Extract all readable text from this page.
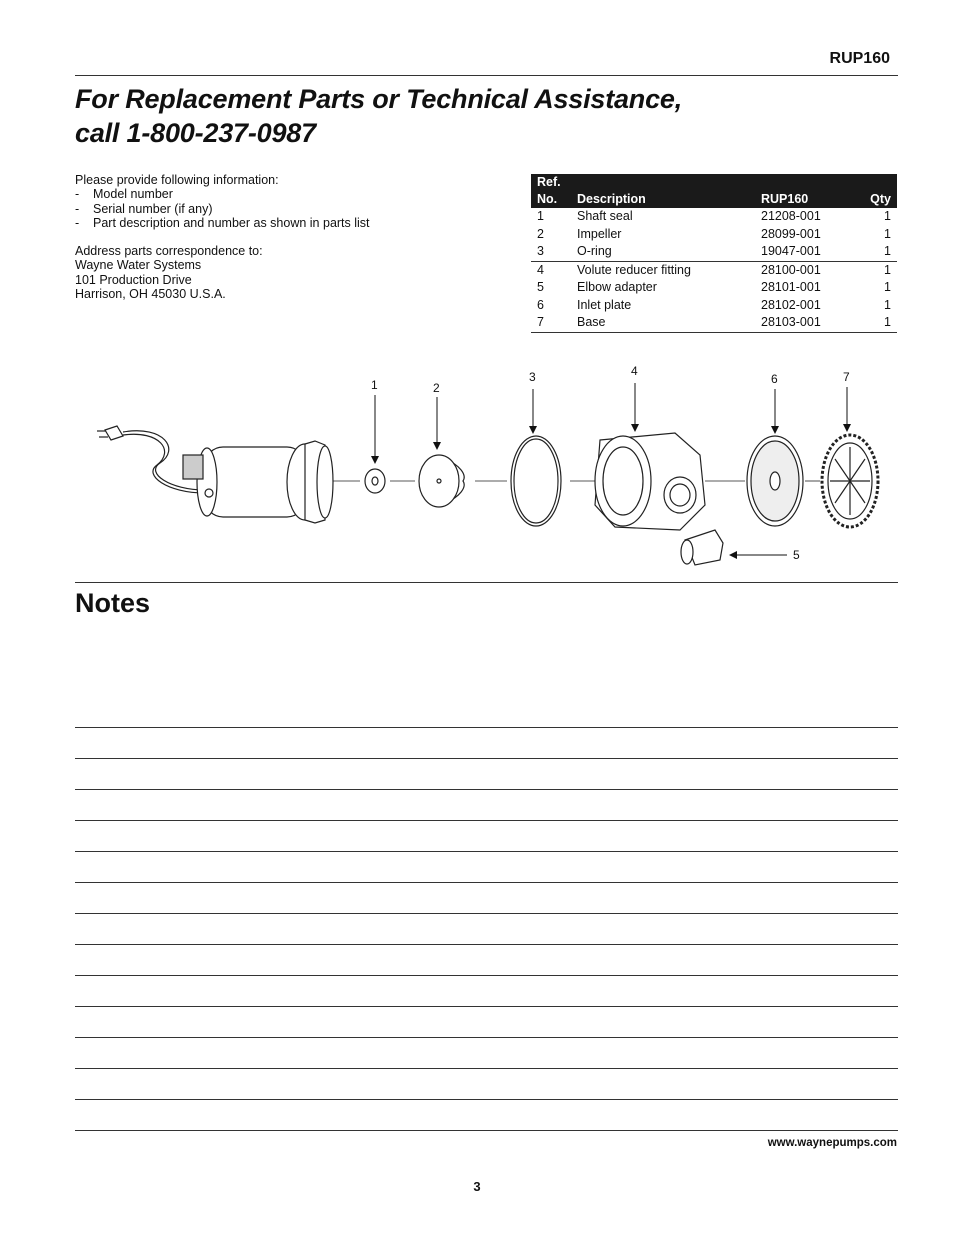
RUP160
For Replacement Parts or Technical Assistance,
call 1-800-237-0987

Please provide following information:

-	Model number
-	Serial number (if any)
-	Part description and number as shown in parts list

Address parts correspondence to:

Wayne Water Systems

101 Production Drive

Harrison, OH 45030 U.S.A.

Ref.
No.	Description	RUP160	Qty
1	Shaft seal	21208-001	1
2	Impeller	28099-001	1
3	O-ring	19047-001	1
4	Volute reducer fitting	28100-001	1
5	Elbow adapter	28101-001	1
6	Inlet plate	28102-001	1
7	Base	28103-001	1
1	2
3	4
5
6	7
Notes
www.waynepumps.com
3
